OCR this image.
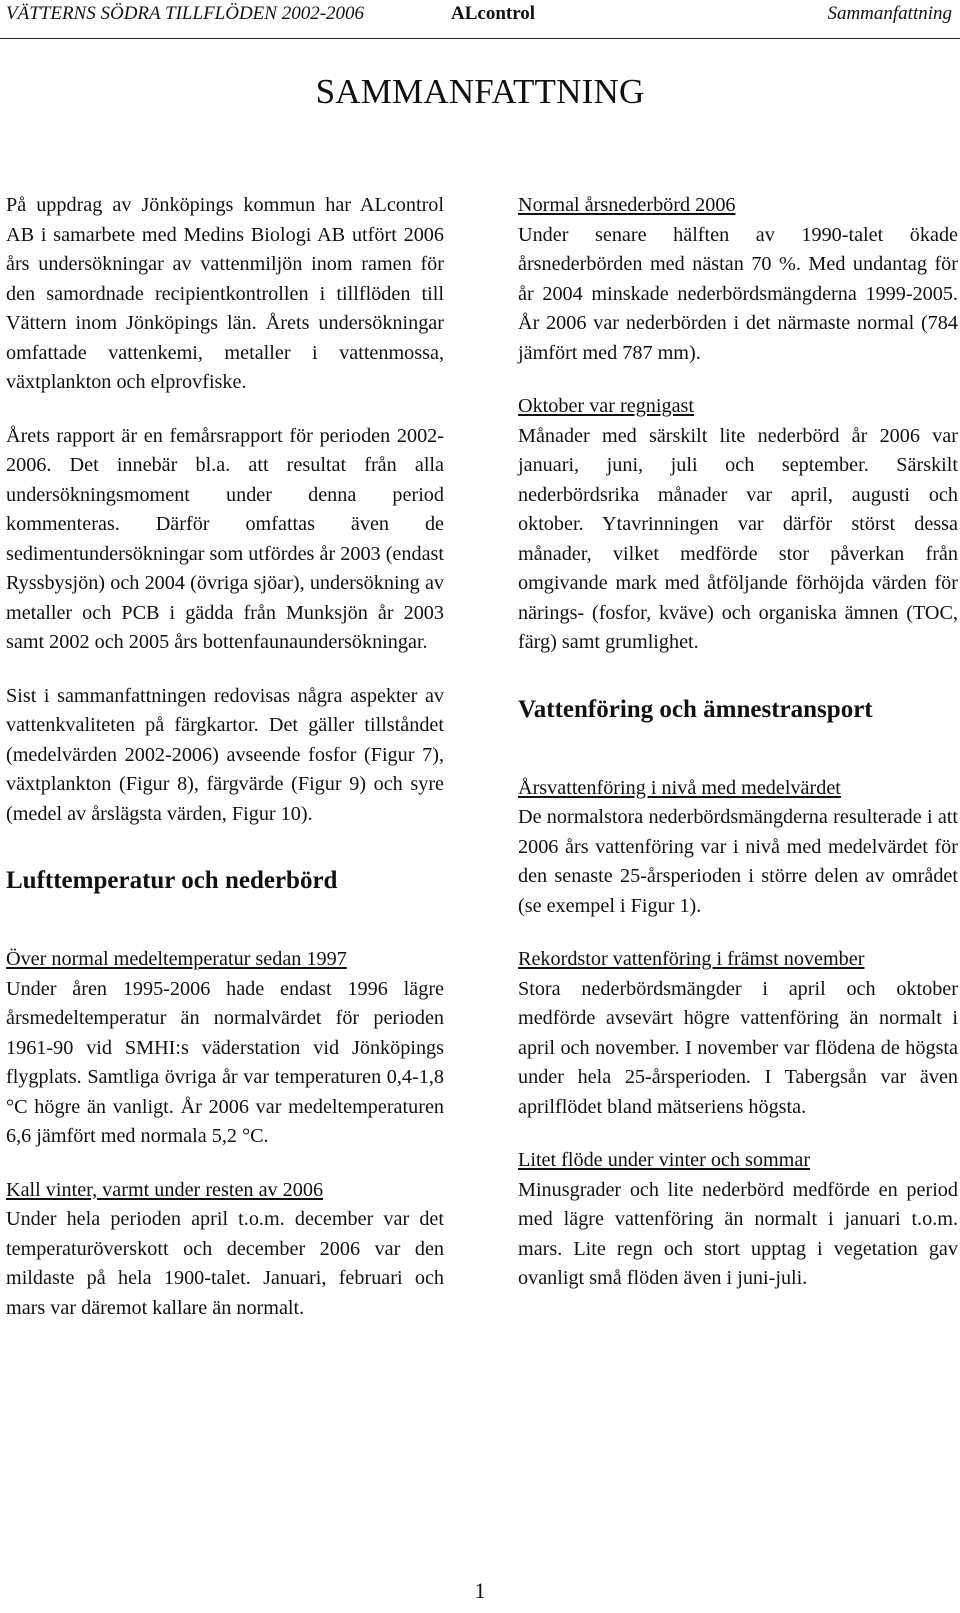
VÄTTERNS SÖDRA TILLFLÖDEN 2002-2006	ALcontrol	Sammanfattning
SAMMANFATTNING

På uppdrag av Jönköpings kommun har ALcontrol AB i samarbete med Medins Biologi AB utfört 2006 års undersökningar av vattenmiljön inom ramen för den samordnade recipientkontrollen i tillflöden till Vättern inom Jönköpings län. Årets undersökningar omfattade vattenkemi, metaller i vattenmossa, växtplankton och elprovfiske.

Årets rapport är en femårsrapport för perioden 2002-2006. Det innebär bl.a. att resultat från alla undersökningsmoment under denna period kommenteras. Därför omfattas även de sedimentundersökningar som utfördes år 2003 (endast Ryssbysjön) och 2004 (övriga sjöar), undersökning av metaller och PCB i gädda från Munksjön år 2003 samt 2002 och 2005 års bottenfaunaundersökningar.

Sist i sammanfattningen redovisas några aspekter av vattenkvaliteten på färgkartor. Det gäller tillståndet (medelvärden 2002-2006) avseende fosfor (Figur 7), växtplankton (Figur 8), färgvärde (Figur 9) och syre (medel av årslägsta värden, Figur 10).

Lufttemperatur och nederbörd

Över normal medeltemperatur sedan 1997
Under åren 1995-2006 hade endast 1996 lägre årsmedeltemperatur än normalvärdet för perioden 1961-90 vid SMHI:s väderstation vid Jönköpings flygplats. Samtliga övriga år var temperaturen 0,4-1,8 °C högre än vanligt. År 2006 var medeltemperaturen 6,6 jämfört med normala 5,2 °C.

Kall vinter, varmt under resten av 2006
Under hela perioden april t.o.m. december var det temperaturöverskott och december 2006 var den mildaste på hela 1900-talet. Januari, februari och mars var däremot kallare än normalt.

Normal årsnederbörd 2006
Under senare hälften av 1990-talet ökade årsnederbörden med nästan 70 %. Med undantag för år 2004 minskade nederbördsmängderna 1999-2005. År 2006 var nederbörden i det närmaste normal (784 jämfört med 787 mm).

Oktober var regnigast
Månader med särskilt lite nederbörd år 2006 var januari, juni, juli och september. Särskilt nederbördsrika månader var april, augusti och oktober. Ytavrinningen var därför störst dessa månader, vilket medförde stor påverkan från omgivande mark med åtföljande förhöjda värden för närings- (fosfor, kväve) och organiska ämnen (TOC, färg) samt grumlighet.

Vattenföring och ämnestransport

Årsvattenföring i nivå med medelvärdet
De normalstora nederbördsmängderna resulterade i att 2006 års vattenföring var i nivå med medelvärdet för den senaste 25-årsperioden i större delen av området (se exempel i Figur 1).

Rekordstor vattenföring i främst november
Stora nederbördsmängder i april och oktober medförde avsevärt högre vattenföring än normalt i april och november. I november var flödena de högsta under hela 25-årsperioden. I Tabergsån var även aprilflödet bland mätseriens högsta.

Litet flöde under vinter och sommar
Minusgrader och lite nederbörd medförde en period med lägre vattenföring än normalt i januari t.o.m. mars. Lite regn och stort upptag i vegetation gav ovanligt små flöden även i juni-juli.

1
